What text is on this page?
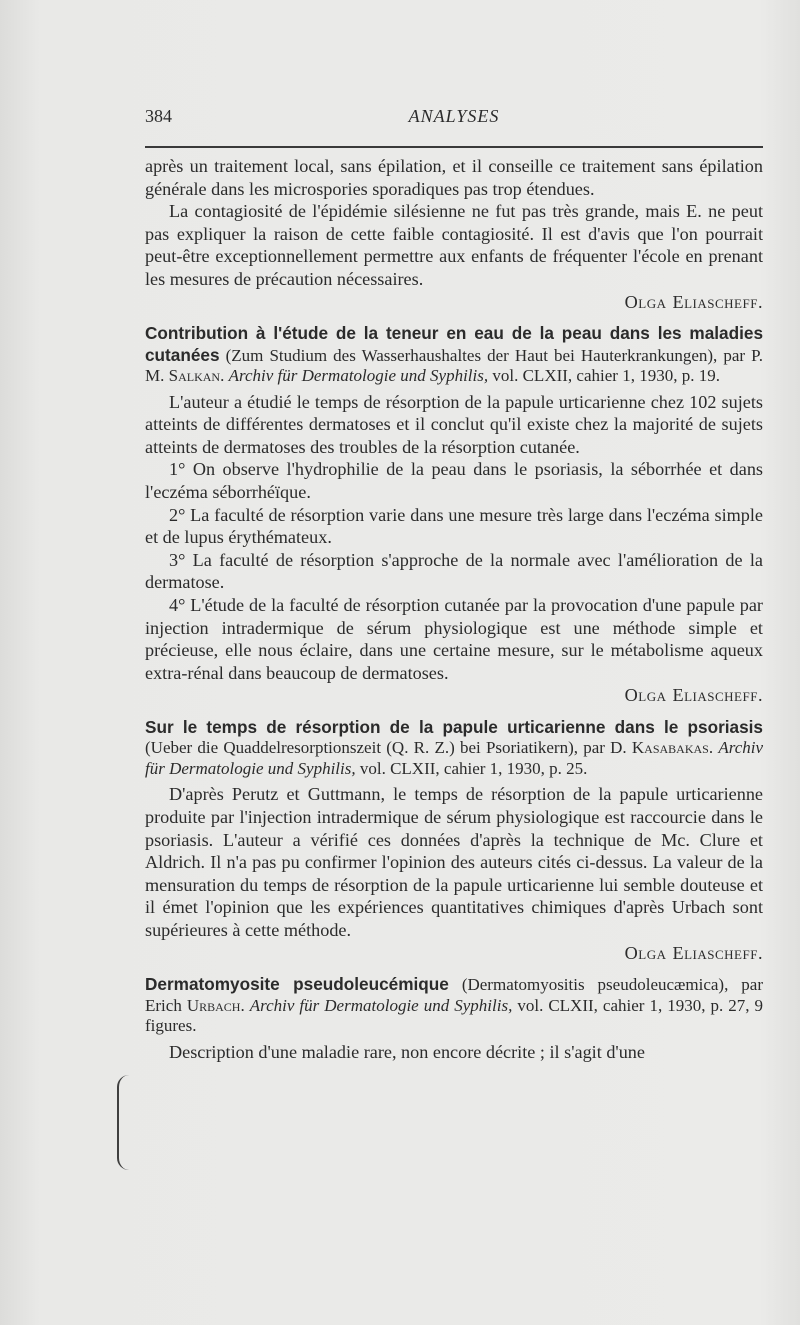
384	ANALYSES

après un traitement local, sans épilation, et il conseille ce traitement sans épilation générale dans les microspories sporadiques pas trop étendues.

La contagiosité de l'épidémie silésienne ne fut pas très grande, mais E. ne peut pas expliquer la raison de cette faible contagiosité. Il est d'avis que l'on pourrait peut-être exceptionnellement permettre aux enfants de fréquenter l'école en prenant les mesures de précaution nécessaires.

Olga Eliascheff.

Contribution à l'étude de la teneur en eau de la peau dans les maladies cutanées (Zum Studium des Wasserhaushaltes der Haut bei Hauterkrankungen), par P. M. Salkan. Archiv für Dermatologie und Syphilis, vol. CLXII, cahier 1, 1930, p. 19.

L'auteur a étudié le temps de résorption de la papule urticarienne chez 102 sujets atteints de différentes dermatoses et il conclut qu'il existe chez la majorité de sujets atteints de dermatoses des troubles de la résorption cutanée.

1° On observe l'hydrophilie de la peau dans le psoriasis, la séborrhée et dans l'eczéma séborrhéïque.

2° La faculté de résorption varie dans une mesure très large dans l'eczéma simple et de lupus érythémateux.

3° La faculté de résorption s'approche de la normale avec l'amélioration de la dermatose.

4° L'étude de la faculté de résorption cutanée par la provocation d'une papule par injection intradermique de sérum physiologique est une méthode simple et précieuse, elle nous éclaire, dans une certaine mesure, sur le métabolisme aqueux extra-rénal dans beaucoup de dermatoses.

Olga Eliascheff.

Sur le temps de résorption de la papule urticarienne dans le psoriasis (Ueber die Quaddelresorptionszeit (Q. R. Z.) bei Psoriatikern), par D. Kasabakas. Archiv für Dermatologie und Syphilis, vol. CLXII, cahier 1, 1930, p. 25.

D'après Perutz et Guttmann, le temps de résorption de la papule urticarienne produite par l'injection intradermique de sérum physiologique est raccourcie dans le psoriasis. L'auteur a vérifié ces données d'après la technique de Mc. Clure et Aldrich. Il n'a pas pu confirmer l'opinion des auteurs cités ci-dessus. La valeur de la mensuration du temps de résorption de la papule urticarienne lui semble douteuse et il émet l'opinion que les expériences quantitatives chimiques d'après Urbach sont supérieures à cette méthode.

Olga Eliascheff.

Dermatomyosite pseudoleucémique (Dermatomyositis pseudoleucæmica), par Erich Urbach. Archiv für Dermatologie und Syphilis, vol. CLXII, cahier 1, 1930, p. 27, 9 figures.

Description d'une maladie rare, non encore décrite ; il s'agit d'une
